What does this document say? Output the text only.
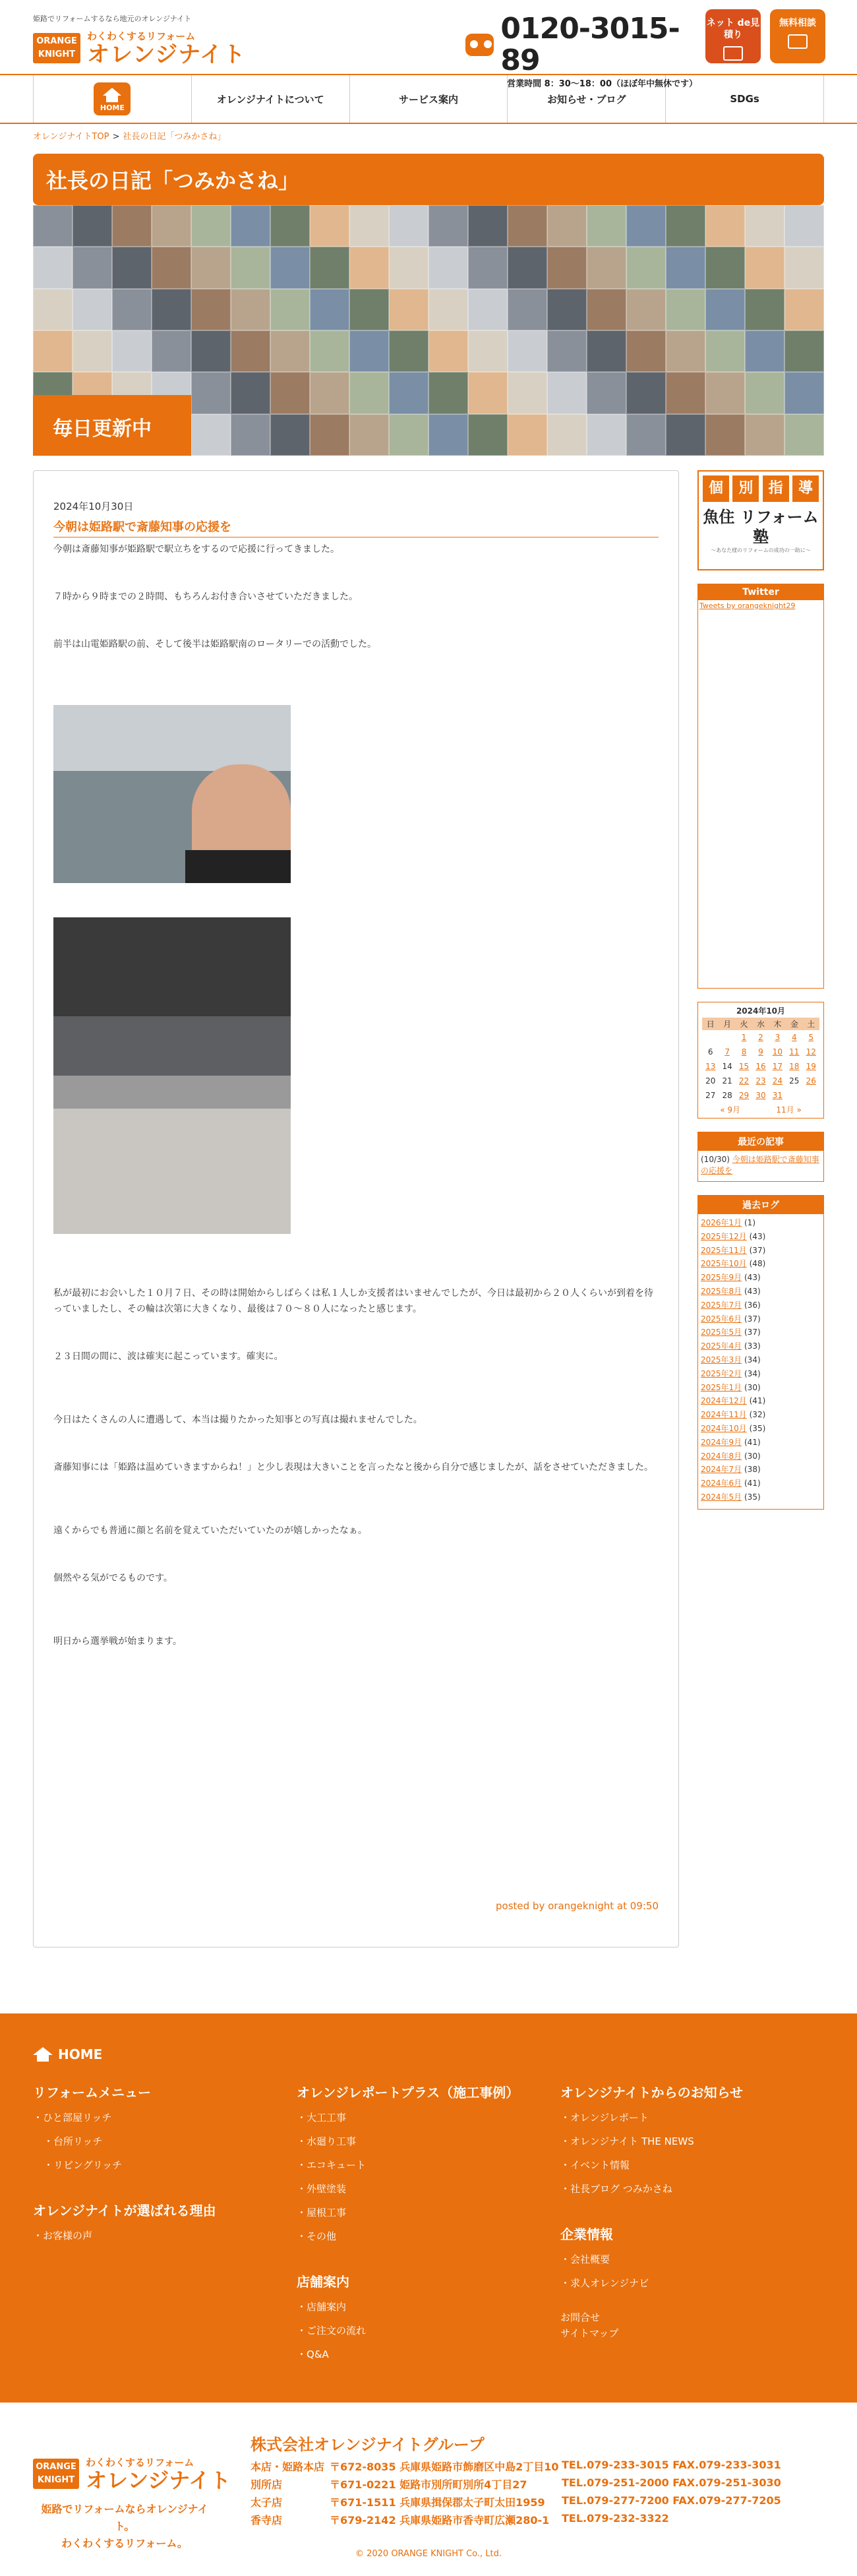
姫路でリフォームするなら地元のオレンジナイト
ORANGE KNIGHT
わくわくするリフォーム
オレンジナイト
0120-3015-89
営業時間 8：30〜18：00（ほぼ年中無休です）
ネット de見積り
無料相談
HOME
オレンジナイトについて	サービス案内	お知らせ・ブログ	SDGs
オレンジナイトTOP > 社長の日記「つみかさね」
社長の日記「つみかさね」
毎日更新中
2024年10月30日
今朝は姫路駅で斎藤知事の応援を

今朝は斎藤知事が姫路駅で駅立ちをするので応援に行ってきました。

７時から９時までの２時間、もちろんお付き合いさせていただきました。

前半は山電姫路駅の前、そして後半は姫路駅南のロータリーでの活動でした。

私が最初にお会いした１０月７日、その時は開始からしばらくは私１人しか支援者はいませんでしたが、今日は最初から２０人くらいが到着を待っていましたし、その輪は次第に大きくなり、最後は７０〜８０人になったと感じます。

２３日間の間に、波は確実に起こっています。確実に。

今日はたくさんの人に遭遇して、本当は撮りたかった知事との写真は撮れませんでした。

斎藤知事には「姫路は温めていきますからね！」と少し表現は大きいことを言ったなと後から自分で感じましたが、話をさせていただきました。

遠くからでも普通に顔と名前を覚えていただいていたのが嬉しかったなぁ。

個然やる気がでるものです。

明日から選挙戦が始まります。

posted by orangeknight at 09:50
個	別	指	導
魚住 リフォーム塾
〜あなた様のリフォームの成功の一助に〜
Twitter
Tweets by orangeknight29
2024年10月
日	月	火	水	木	金	土
		1	2	3	4	5
6	7	8	9	10	11	12
13	14	15	16	17	18	19
20	21	22	23	24	25	26
27	28	29	30	31		
« 9月	11月 »
最近の記事
(10/30) 今朝は姫路駅で斎藤知事の応援を
過去ログ
2026年1月 (1)
2025年12月 (43)
2025年11月 (37)
2025年10月 (48)
2025年9月 (43)
2025年8月 (43)
2025年7月 (36)
2025年6月 (37)
2025年5月 (37)
2025年4月 (33)
2025年3月 (34)
2025年2月 (34)
2025年1月 (30)
2024年12月 (41)
2024年11月 (32)
2024年10月 (35)
2024年9月 (41)
2024年8月 (30)
2024年7月 (38)
2024年6月 (41)
2024年5月 (35)
HOME
リフォームメニュー
・ ひと部屋リッチ
・ 台所リッチ
・ リビングリッチ
オレンジナイトが選ばれる理由
・ お客様の声
オレンジレポートプラス（施工事例）
・ 大工工事
・ 水廻り工事
・ エコキュート
・ 外壁塗装
・ 屋根工事
・ その他
店舗案内
・ 店舗案内
・ ご注文の流れ
・ Q&A
オレンジナイトからのお知らせ
・ オレンジレポート
・ オレンジナイト THE NEWS
・ イベント情報
・ 社長ブログ つみかさね
企業情報
・ 会社概要
・ 求人オレンジナビ
お問合せ
サイトマップ
ORANGE KNIGHT
わくわくするリフォーム
オレンジナイト
姫路でリフォームならオレンジナイト。
わくわくするリフォーム。
株式会社オレンジナイトグループ
本店・姫路本店 〒672-8035 兵庫県姫路市飾磨区中島2丁目10 TEL.079-233-3015 FAX.079-233-3031
別所店	〒671-0221 姫路市別所町別所4丁目27	TEL.079-251-2000 FAX.079-251-3030
太子店	〒671-1511 兵庫県揖保郡太子町太田1959	TEL.079-277-7200 FAX.079-277-7205
香寺店	〒679-2142 兵庫県姫路市香寺町広瀬280-1	TEL.079-232-3322
© 2020 ORANGE KNIGHT Co., Ltd.
